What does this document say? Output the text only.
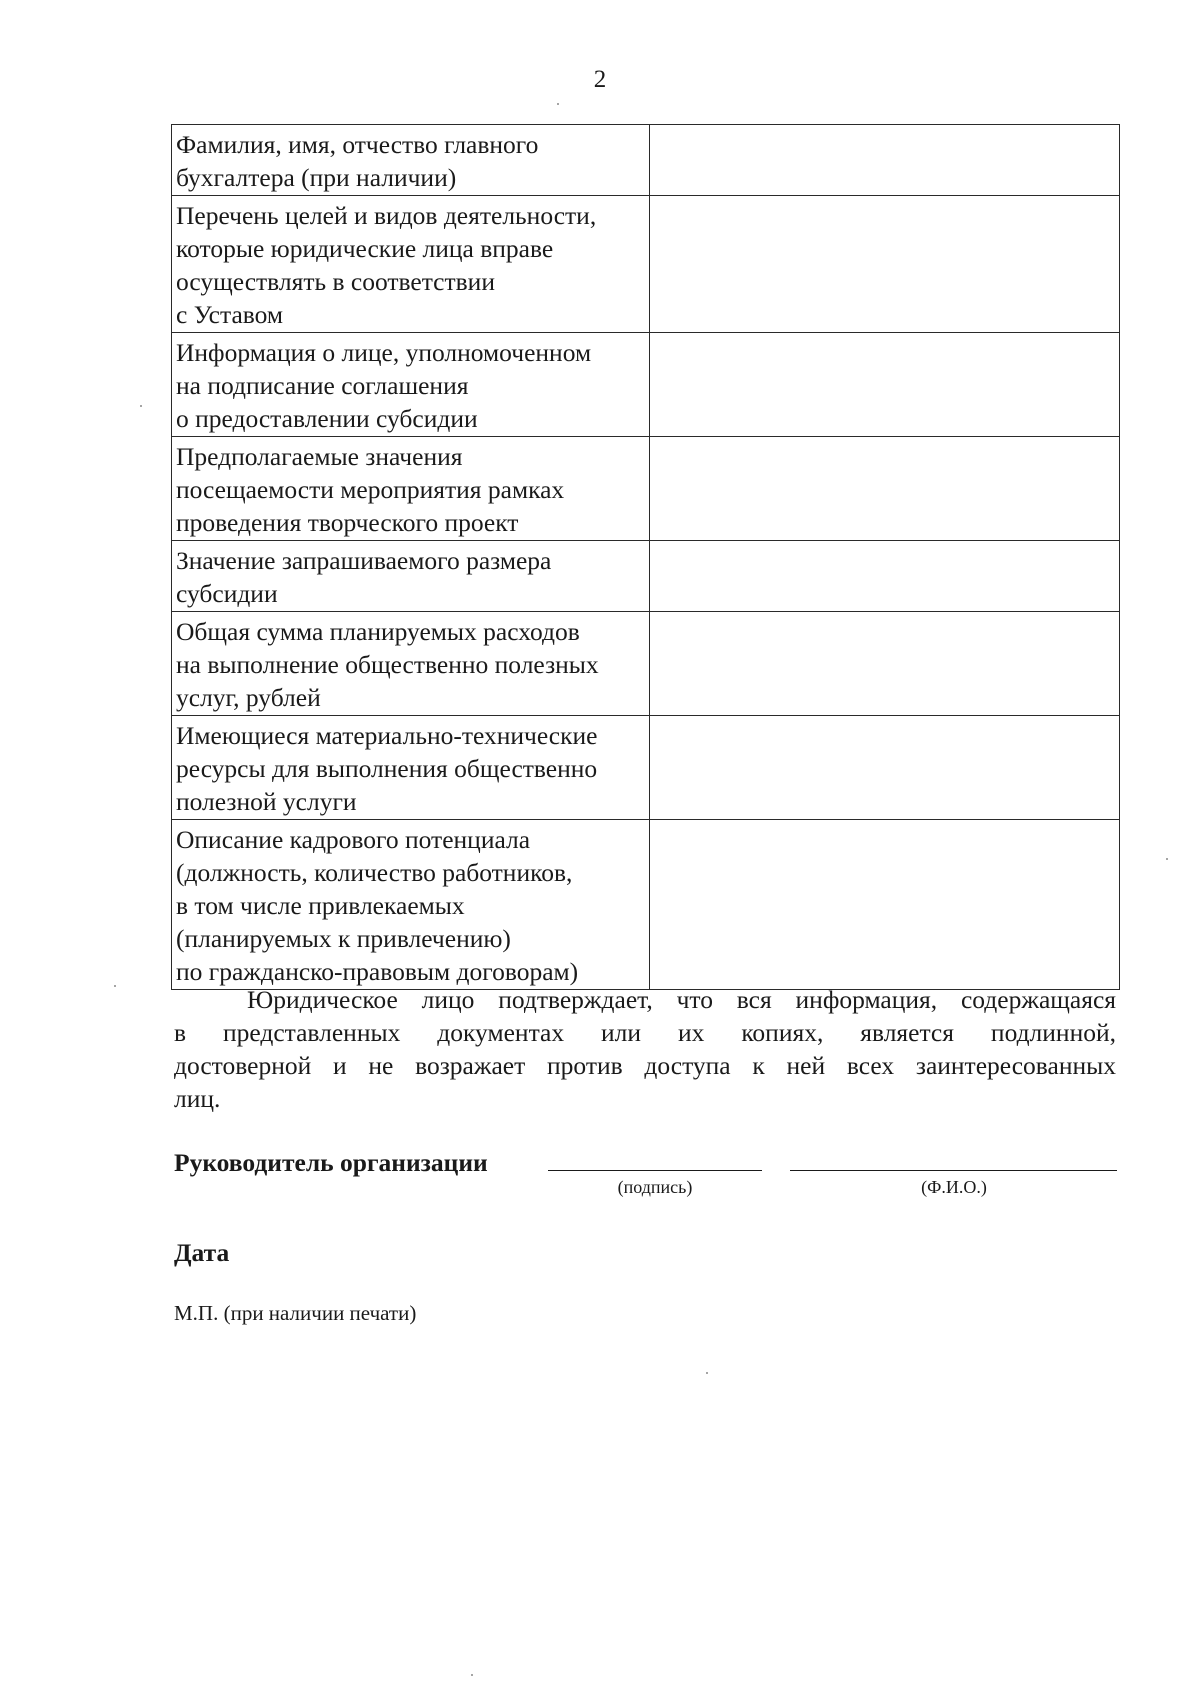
2
Фамилия, имя, отчество главного
бухгалтера (при наличии)	

Перечень целей и видов деятельности,
которые юридические лица вправе
осуществлять в соответствии
с Уставом	

Информация о лице, уполномоченном
на подписание соглашения
о предоставлении субсидии	

Предполагаемые значения
посещаемости мероприятия рамках
проведения творческого проект	

Значение запрашиваемого размера
субсидии	

Общая сумма планируемых расходов
на выполнение общественно полезных
услуг, рублей	

Имеющиеся материально-технические
ресурсы для выполнения общественно
полезной услуги	

Описание кадрового потенциала
(должность, количество работников,
в том числе привлекаемых
(планируемых к привлечению)
по гражданско-правовым договорам)	

Юридическое лицо подтверждает, что вся информация, содержащаяся
в представленных документах или их копиях, является подлинной,
достоверной и не возражает против доступа к ней всех заинтересованных
лиц.
Руководитель организации
(подпись)	(Ф.И.О.)
Дата
М.П. (при наличии печати)
